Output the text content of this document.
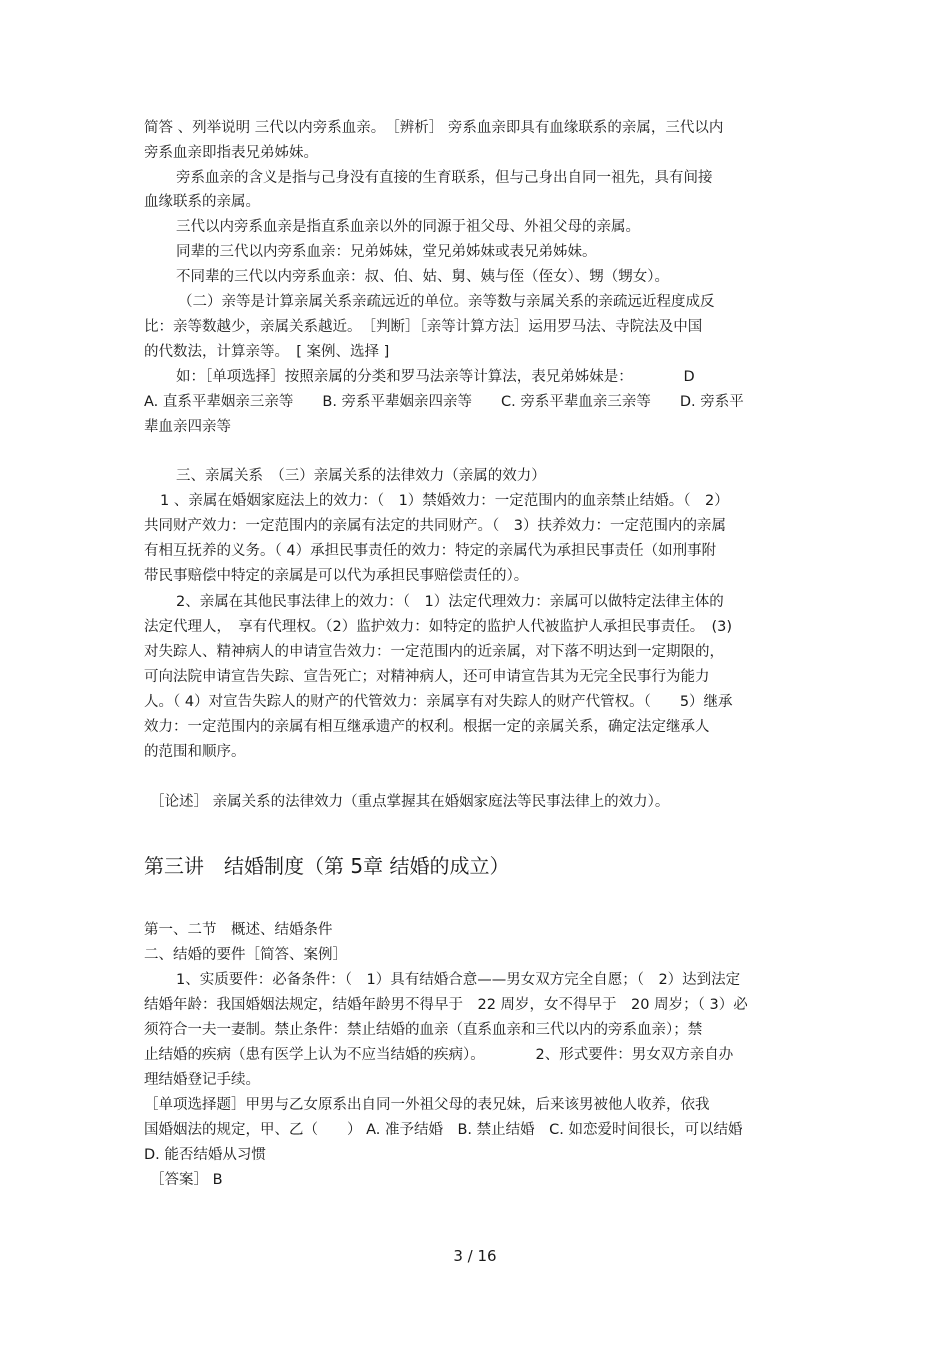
简答 、列举说明 三代以内旁系血亲。　［辨析］ 旁系血亲即具有血缘联系的亲属，三代以内
旁系血亲即指表兄弟姊妹。
旁系血亲的含义是指与己身没有直接的生育联系，但与己身出自同一祖先，具有间接
血缘联系的亲属。
三代以内旁系血亲是指直系血亲以外的同源于祖父母、外祖父母的亲属。
同辈的三代以内旁系血亲：兄弟姊妹，堂兄弟姊妹或表兄弟姊妹。
不同辈的三代以内旁系血亲：叔、伯、姑、舅、姨与侄（侄女）、甥（甥女）。
（二）亲等是计算亲属关系亲疏远近的单位。亲等数与亲属关系的亲疏远近程度成反
比：亲等数越少，亲属关系越近。　［判断］［亲等计算方法］运用罗马法、寺院法及中国
的代数法，计算亲等。　[ 案例、选择 ]
如：［单项选择］按照亲属的分类和罗马法亲等计算法，表兄弟姊妹是：　　　　D
A. 直系平辈姻亲三亲等　　B. 旁系平辈姻亲四亲等　　C. 旁系平辈血亲三亲等　　D. 旁系平
辈血亲四亲等
三、亲属关系　（三）亲属关系的法律效力（亲属的效力）
1 、亲属在婚姻家庭法上的效力：（　1）禁婚效力：一定范围内的血亲禁止结婚。（　2）
共同财产效力：一定范围内的亲属有法定的共同财产。（　3）扶养效力：一定范围内的亲属
有相互抚养的义务。（ 4）承担民事责任的效力：特定的亲属代为承担民事责任（如刑事附
带民事赔偿中特定的亲属是可以代为承担民事赔偿责任的）。
2、亲属在其他民事法律上的效力：（　1）法定代理效力：亲属可以做特定法律主体的
法定代理人，　享有代理权。（2）监护效力：如特定的监护人代被监护人承担民事责任。　(3)
对失踪人、精神病人的申请宣告效力：一定范围内的近亲属，对下落不明达到一定期限的，
可向法院申请宣告失踪、宣告死亡；对精神病人，还可申请宣告其为无完全民事行为能力
人。（ 4）对宣告失踪人的财产的代管效力：亲属享有对失踪人的财产代管权。（　　5）继承
效力：一定范围内的亲属有相互继承遗产的权利。根据一定的亲属关系，确定法定继承人
的范围和顺序。
［论述］ 亲属关系的法律效力（重点掌握其在婚姻家庭法等民事法律上的效力）。
第三讲　结婚制度（第 5章 结婚的成立）
第一、二节　概述、结婚条件
二、结婚的要件［简答、案例］
1、实质要件：必备条件：（　1）具有结婚合意——男女双方完全自愿；（　2）达到法定
结婚年龄：我国婚姻法规定，结婚年龄男不得早于　22 周岁，女不得早于　20 周岁；（ 3）必
须符合一夫一妻制。禁止条件：禁止结婚的血亲（直系血亲和三代以内的旁系血亲）；禁
止结婚的疾病（患有医学上认为不应当结婚的疾病）。　　　　2、形式要件：男女双方亲自办
理结婚登记手续。
［单项选择题］甲男与乙女原系出自同一外祖父母的表兄妹，后来该男被他人收养，依我
国婚姻法的规定，甲、乙（　　） A. 准予结婚　B. 禁止结婚　C. 如恋爱时间很长，可以结婚
D. 能否结婚从习惯
［答案］ B
3 / 16
